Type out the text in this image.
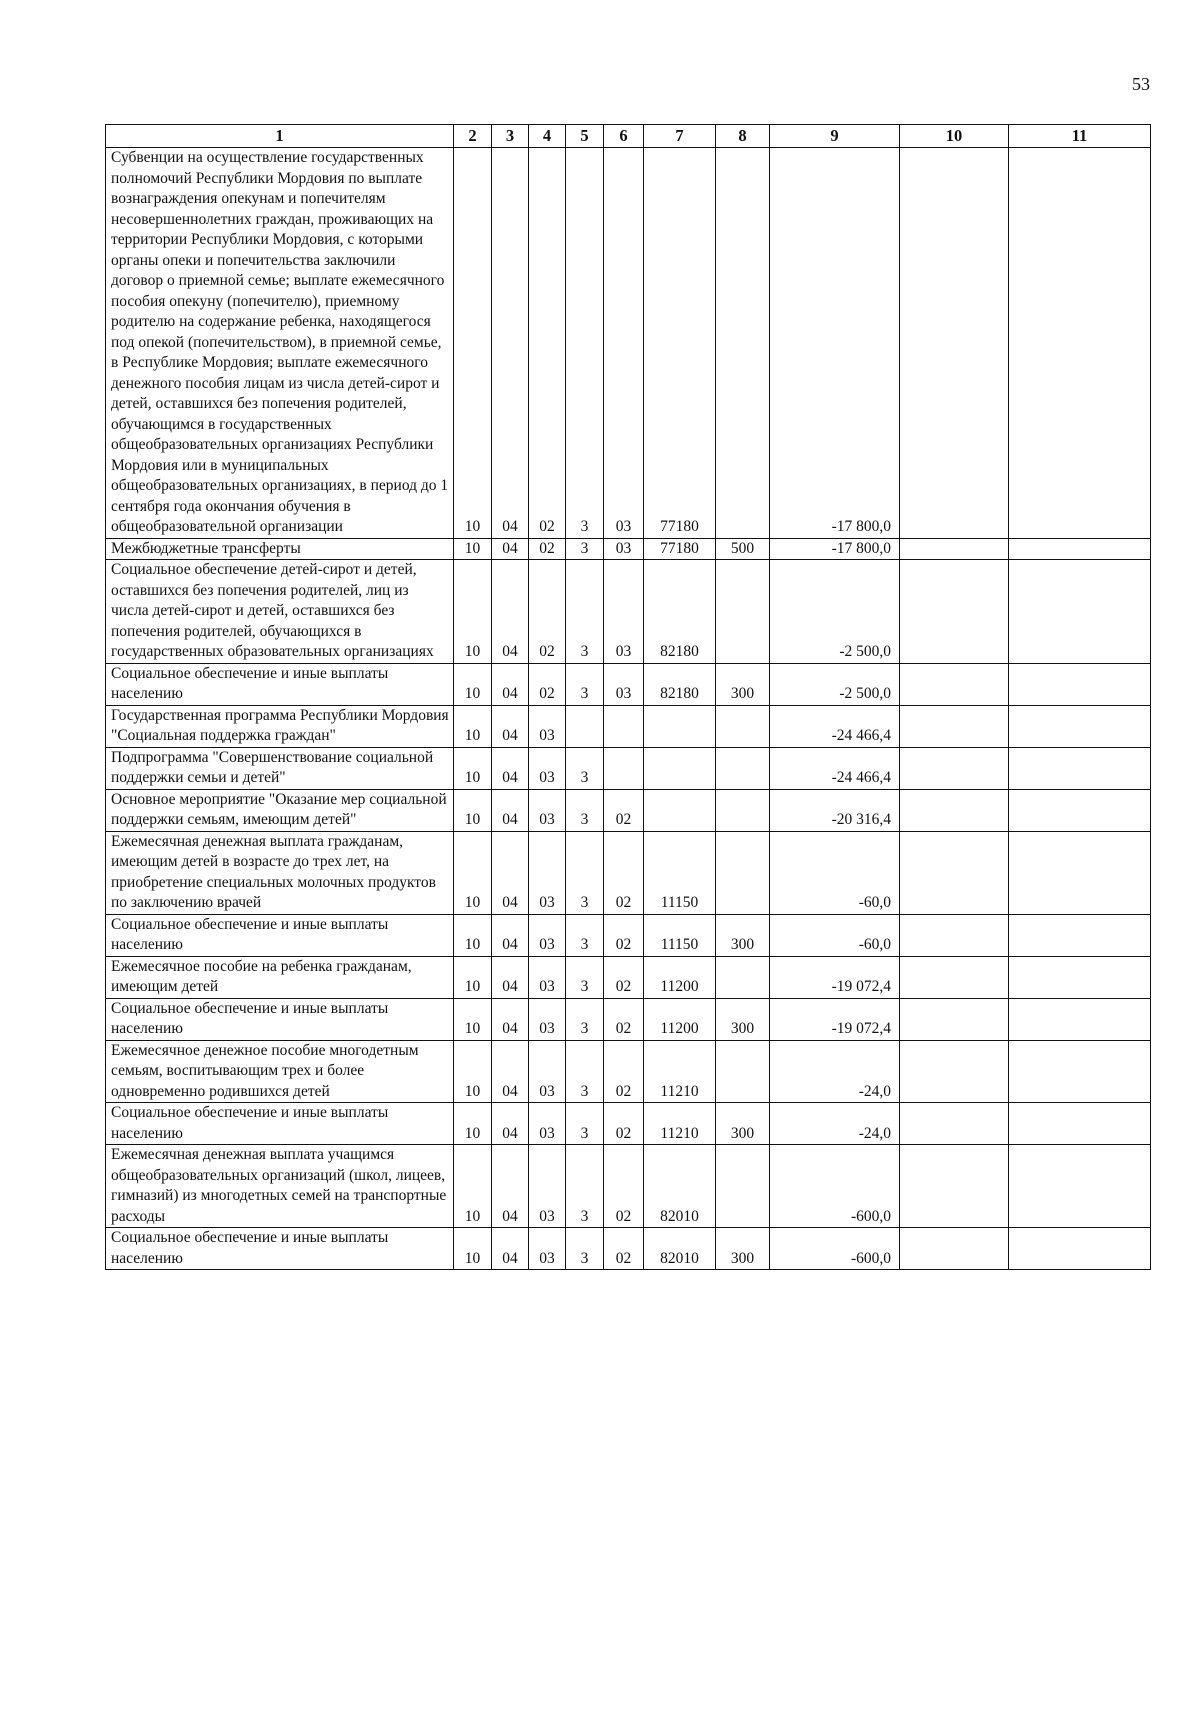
53
1	2	3	4	5	6	7	8	9	10	11
Субвенции на осуществление государственных полномочий Республики Мордовия по выплате вознаграждения опекунам и попечителям несовершеннолетних граждан, проживающих на территории Республики Мордовия, с которыми органы опеки и попечительства заключили договор о приемной семье; выплате ежемесячного пособия опекуну (попечителю), приемному родителю на содержание ребенка, находящегося под опекой (попечительством), в приемной семье, в Республике Мордовия; выплате ежемесячного денежного пособия лицам из числа детей-сирот и детей, оставшихся без попечения родителей, обучающимся в государственных общеобразовательных организациях Республики Мордовия или в муниципальных общеобразовательных организациях, в период до 1 сентября года окончания обучения в общеобразовательной организации	10	04	02	3	03	77180		-17 800,0		
Межбюджетные трансферты	10	04	02	3	03	77180	500	-17 800,0		
Социальное обеспечение детей-сирот и детей, оставшихся без попечения родителей, лиц из числа детей-сирот и детей, оставшихся без попечения родителей, обучающихся в государственных образовательных организациях	10	04	02	3	03	82180		-2 500,0		
Социальное обеспечение и иные выплаты населению	10	04	02	3	03	82180	300	-2 500,0		
Государственная программа Республики Мордовия "Социальная поддержка граждан"	10	04	03					-24 466,4		
Подпрограмма "Совершенствование социальной поддержки семьи и детей"	10	04	03	3				-24 466,4		
Основное мероприятие "Оказание мер социальной поддержки семьям, имеющим детей"	10	04	03	3	02			-20 316,4		
Ежемесячная денежная выплата гражданам, имеющим детей в возрасте до трех лет, на приобретение специальных молочных продуктов по заключению врачей	10	04	03	3	02	11150		-60,0		
Социальное обеспечение и иные выплаты населению	10	04	03	3	02	11150	300	-60,0		
Ежемесячное пособие на ребенка гражданам, имеющим детей	10	04	03	3	02	11200		-19 072,4		
Социальное обеспечение и иные выплаты населению	10	04	03	3	02	11200	300	-19 072,4		
Ежемесячное денежное пособие многодетным семьям, воспитывающим трех и более одновременно родившихся детей	10	04	03	3	02	11210		-24,0		
Социальное обеспечение и иные выплаты населению	10	04	03	3	02	11210	300	-24,0		
Ежемесячная денежная выплата учащимся общеобразовательных организаций (школ, лицеев, гимназий) из многодетных семей на транспортные расходы	10	04	03	3	02	82010		-600,0		
Социальное обеспечение и иные выплаты населению	10	04	03	3	02	82010	300	-600,0		
